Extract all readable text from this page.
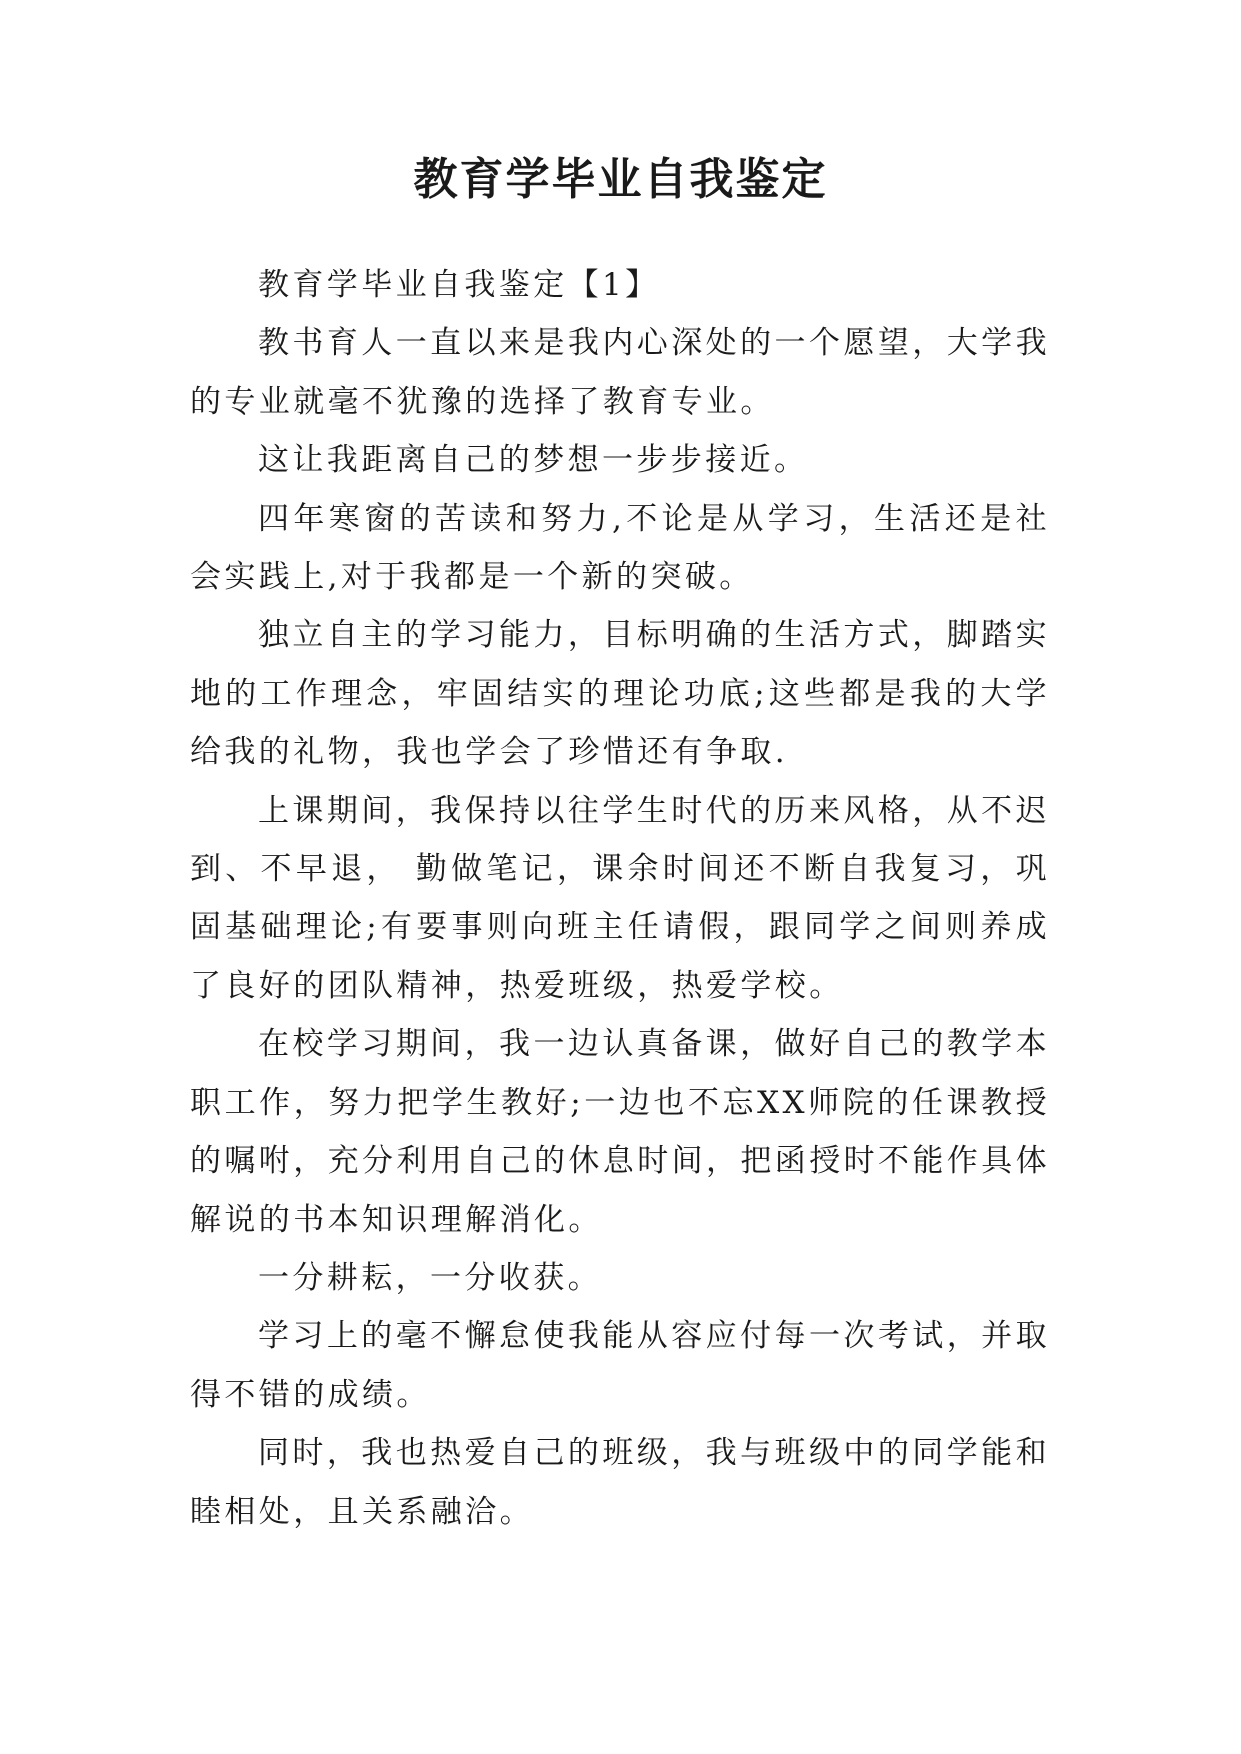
教育学毕业自我鉴定

教育学毕业自我鉴定【1】

教书育人一直以来是我内心深处的一个愿望，大学我的专业就毫不犹豫的选择了教育专业。

这让我距离自己的梦想一步步接近。

四年寒窗的苦读和努力,不论是从学习，生活还是社会实践上,对于我都是一个新的突破。

独立自主的学习能力，目标明确的生活方式，脚踏实地的工作理念，牢固结实的理论功底;这些都是我的大学给我的礼物，我也学会了珍惜还有争取.

上课期间，我保持以往学生时代的历来风格，从不迟到、不早退， 勤做笔记，课余时间还不断自我复习，巩固基础理论;有要事则向班主任请假，跟同学之间则养成了良好的团队精神，热爱班级，热爱学校。

在校学习期间，我一边认真备课，做好自己的教学本职工作，努力把学生教好;一边也不忘XX师院的任课教授的嘱咐，充分利用自己的休息时间，把函授时不能作具体解说的书本知识理解消化。

一分耕耘，一分收获。

学习上的毫不懈怠使我能从容应付每一次考试，并取得不错的成绩。

同时，我也热爱自己的班级，我与班级中的同学能和睦相处，且关系融洽。
